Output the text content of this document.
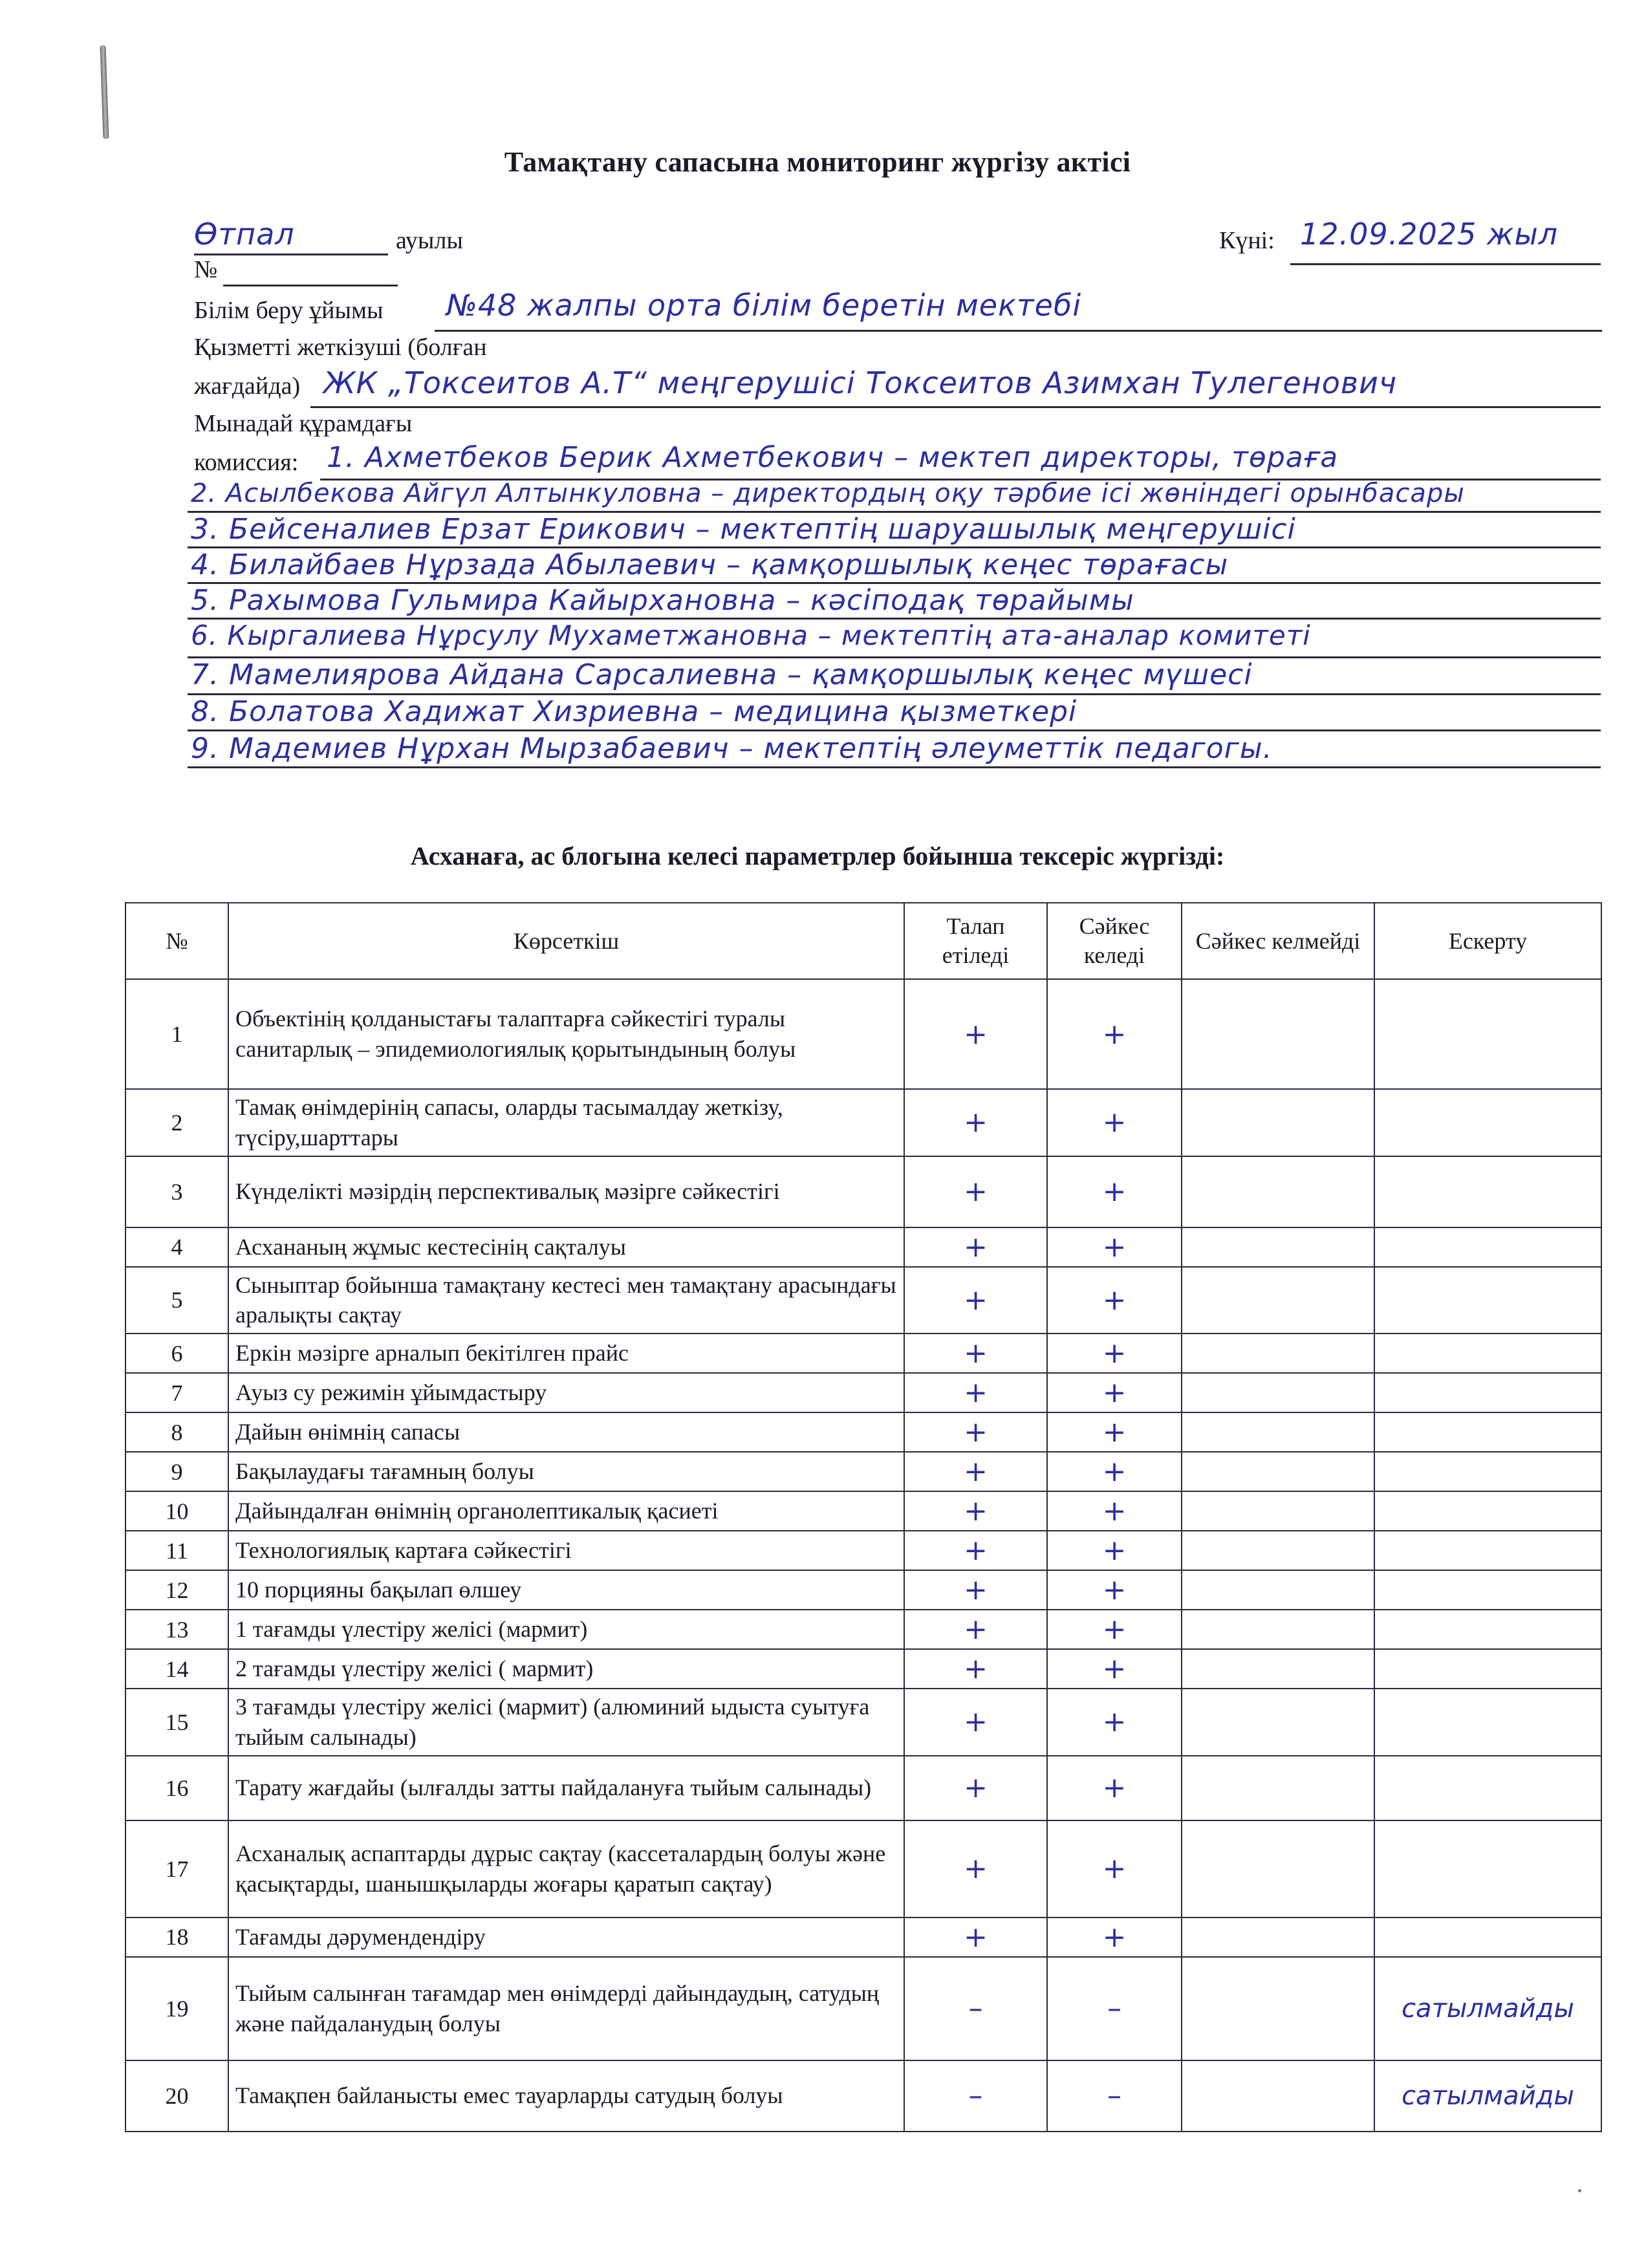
Тамақтану сапасына мониторинг жүргізу актісі
Өтпал	ауылы	Күні: 12.09.2025 жыл
№
Білім беру ұйымы №48 жалпы орта білім беретін мектебі
Қызметті жеткізуші (болған
жағдайда) ЖК „Токсеитов А.Т“ меңгерушісі Токсеитов Азимхан Тулегенович
Мынадай құрамдағы
комиссия: 1. Ахметбеков Берик Ахметбекович – мектеп директоры, төраға
2. Асылбекова Айгүл Алтынкуловна – директордың оқу тәрбие ісі жөніндегі орынбасары
3. Бейсеналиев Ерзат Ерикович – мектептің шаруашылық меңгерушісі
4. Билайбаев Нұрзада Абылаевич – қамқоршылық кеңес төрағасы
5. Рахымова Гульмира Кайырхановна – кәсіподақ төрайымы
6. Кыргалиева Нұрсулу Мухаметжановна – мектептің ата-аналар комитеті
7. Мамелиярова Айдана Сарсалиевна – қамқоршылық кеңес мүшесі
8. Болатова Хадижат Хизриевна – медицина қызметкері
9. Мадемиев Нұрхан Мырзабаевич – мектептің әлеуметтік педагогы.
Асханаға, ас блогына келесі параметрлер бойынша тексеріс жүргізді:
№	Көрсеткіш	Талап етіледі	Сәйкес келеді	Сәйкес келмейді	Ескерту
1	Объектінің қолданыстағы талаптарға сәйкестігі туралы санитарлық – эпидемиологиялық қорытындының болуы	+	+		
2	Тамақ өнімдерінің сапасы, оларды тасымалдау жеткізу, түсіру,шарттары	+	+		
3	Күнделікті мәзірдің перспективалық мәзірге сәйкестігі	+	+		
4	Асхананың жұмыс кестесінің сақталуы	+	+		
5	Сыныптар бойынша тамақтану кестесі мен тамақтану арасындағы аралықты сақтау	+	+		
6	Еркін мәзірге арналып бекітілген прайс	+	+		
7	Ауыз су режимін ұйымдастыру	+	+		
8	Дайын өнімнің сапасы	+	+		
9	Бақылаудағы тағамның болуы	+	+		
10	Дайындалған өнімнің органолептикалық қасиеті	+	+		
11	Технологиялық картаға сәйкестігі	+	+		
12	10 порцияны бақылап өлшеу	+	+		
13	1 тағамды үлестіру желісі (мармит)	+	+		
14	2 тағамды үлестіру желісі ( мармит)	+	+		
15	3 тағамды үлестіру желісі (мармит) (алюминий ыдыста суытуға тыйым салынады)	+	+		
16	Тарату жағдайы (ылғалды затты пайдалануға тыйым салынады)	+	+		
17	Асханалық аспаптарды дұрыс сақтау (кассеталардың болуы және қасықтарды, шанышқыларды жоғары қаратып сақтау)	+	+		
18	Тағамды дәрумендендіру	+	+		
19	Тыйым салынған тағамдар мен өнімдерді дайындаудың, сатудың және пайдаланудың болуы	–	–		сатылмайды
20	Тамақпен байланысты емес тауарларды сатудың болуы	–	–		сатылмайды
